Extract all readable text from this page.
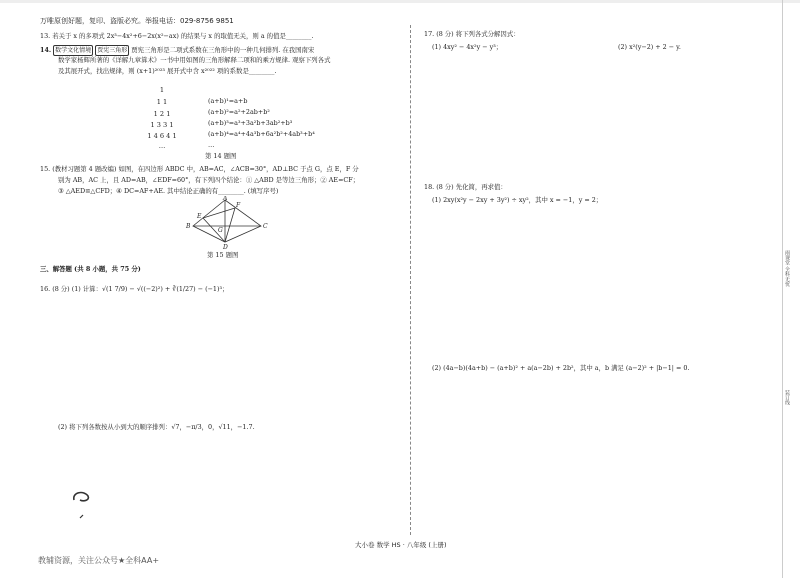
万唯原创好题，复印、盗版必究。举报电话：029-8756 9851
13. 若关于 x 的多项式 2x³−4x²+6−2x(x²−ax) 的结果与 x 的取值无关，则 a 的值是________.
14. 数学文化情境 贾宪三角形 贾宪三角形是二项式系数在三角形中的一种几何排列. 在我国南宋
数学家杨辉所著的《详解九章算术》一书中用如图的三角形解释二项和的乘方规律. 观察下列各式
及其展开式，找出规律，则 (x+1)²⁰²³ 展开式中含 x²⁰²² 项的系数是________.
1
1 1
1 2 1
1 3 3 1
1 4 6 4 1
…
(a+b)¹=a+b
(a+b)²=a²+2ab+b²
(a+b)³=a³+3a²b+3ab²+b³
(a+b)⁴=a⁴+4a³b+6a²b²+4ab³+b⁴
…
第 14 题图
15. (教材习题第 4 题改编) 如图，在四边形 ABDC 中，AB=AC，∠ACB=30°，AD⊥BC 于点 G，点 E，F 分
别为 AB，AC 上，且 AD=AB，∠EDF=60°，有下列四个结论：① △ABD 是等边三角形；② AE=CF；
③ △AED≌△CFD；④ DC=AF+AE. 其中结论正确的有________. (填写序号)
A
B	C
D
E
F
G
第 15 题图
三、解答题 (共 8 小题，共 75 分)
16. (8 分) (1) 计算：√(1 7/9) − √((−2)²) + ∛(1/27) − (−1)³；
(2) 将下列各数按从小到大的顺序排列：√7，−π/3，0，√11，−1.7.
17. (8 分) 将下列各式分解因式：
(1) 4xy² − 4x²y − y³；	(2) x²(y−2) + 2 − y.
18. (8 分) 先化简，再求值：
(1) 2xy(x²y − 2xy + 3y²) ÷ xy²，其中 x = −1，y = 2；
(2) (4a−b)(4a+b) − (a+b)² + a(a−2b) + 2b²，其中 a，b 满足 (a−2)² + |b−1| = 0.
雨课堂 全科无忧
装订线
大小卷 数学 HS · 八年级 (上册)
教辅资源，关注公众号★全科AA+
